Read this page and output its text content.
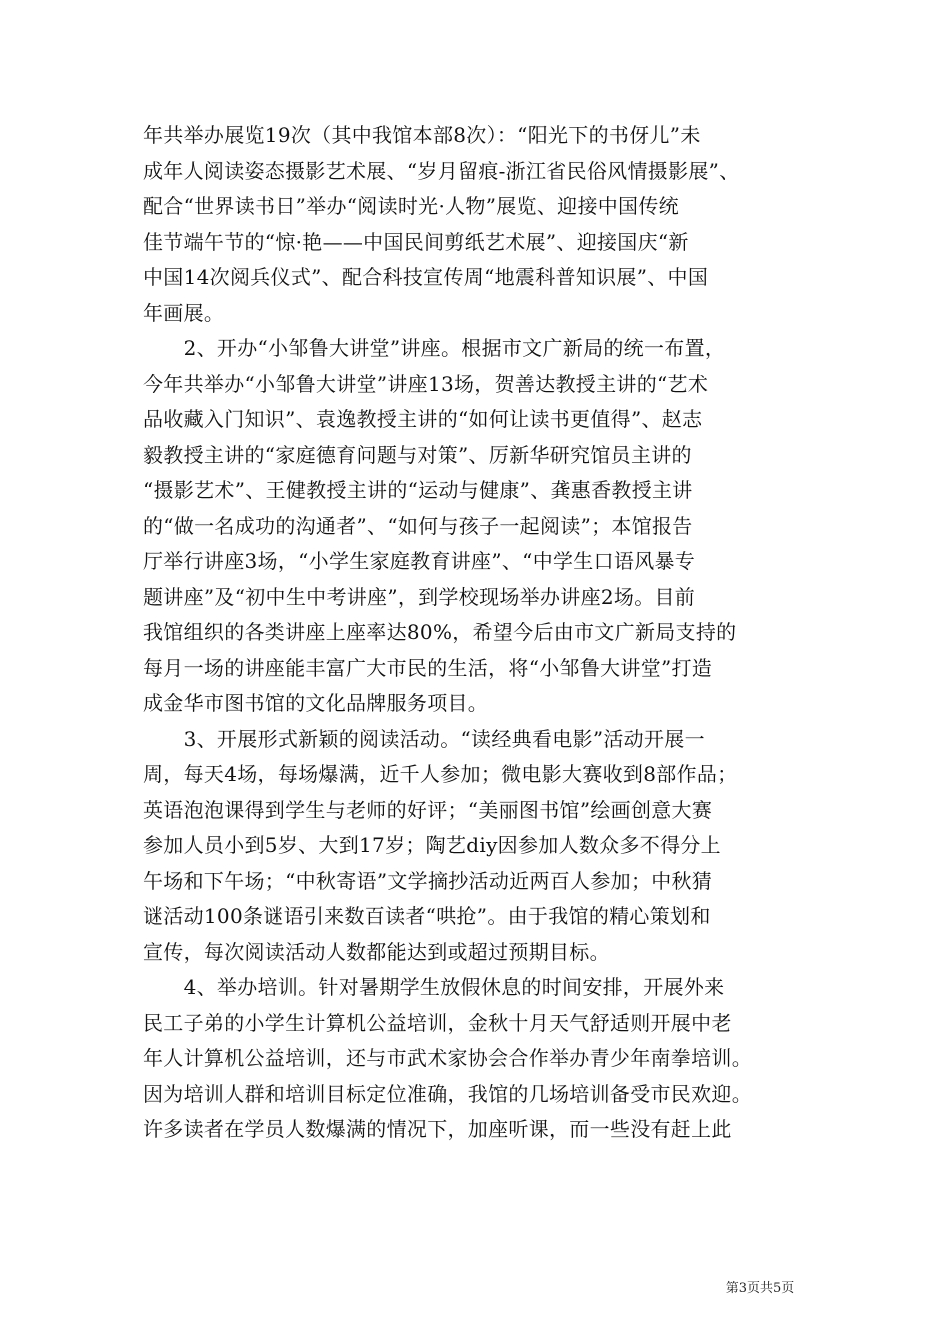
年共举办展览19次（其中我馆本部8次）：“阳光下的书伢儿”未
成年人阅读姿态摄影艺术展、“岁月留痕-浙江省民俗风情摄影展”、
配合“世界读书日”举办“阅读时光·人物”展览、迎接中国传统
佳节端午节的“惊·艳——中国民间剪纸艺术展”、迎接国庆“新
中国14次阅兵仪式”、配合科技宣传周“地震科普知识展”、中国
年画展。
　　2、开办“小邹鲁大讲堂”讲座。根据市文广新局的统一布置，
今年共举办“小邹鲁大讲堂”讲座13场，贺善达教授主讲的“艺术
品收藏入门知识”、袁逸教授主讲的“如何让读书更值得”、赵志
毅教授主讲的“家庭德育问题与对策”、厉新华研究馆员主讲的
“摄影艺术”、王健教授主讲的“运动与健康”、龚惠香教授主讲
的“做一名成功的沟通者”、“如何与孩子一起阅读”；本馆报告
厅举行讲座3场，“小学生家庭教育讲座”、“中学生口语风暴专
题讲座”及“初中生中考讲座”，到学校现场举办讲座2场。目前
我馆组织的各类讲座上座率达80%，希望今后由市文广新局支持的
每月一场的讲座能丰富广大市民的生活，将“小邹鲁大讲堂”打造
成金华市图书馆的文化品牌服务项目。
　　3、开展形式新颖的阅读活动。“读经典看电影”活动开展一
周，每天4场，每场爆满，近千人参加；微电影大赛收到8部作品；
英语泡泡课得到学生与老师的好评；“美丽图书馆”绘画创意大赛
参加人员小到5岁、大到17岁；陶艺diy因参加人数众多不得分上
午场和下午场；“中秋寄语”文学摘抄活动近两百人参加；中秋猜
谜活动100条谜语引来数百读者“哄抢”。由于我馆的精心策划和
宣传，每次阅读活动人数都能达到或超过预期目标。
　　4、举办培训。针对暑期学生放假休息的时间安排，开展外来
民工子弟的小学生计算机公益培训，金秋十月天气舒适则开展中老
年人计算机公益培训，还与市武术家协会合作举办青少年南拳培训。
因为培训人群和培训目标定位准确，我馆的几场培训备受市民欢迎。
许多读者在学员人数爆满的情况下，加座听课，而一些没有赶上此
第3页共5页
